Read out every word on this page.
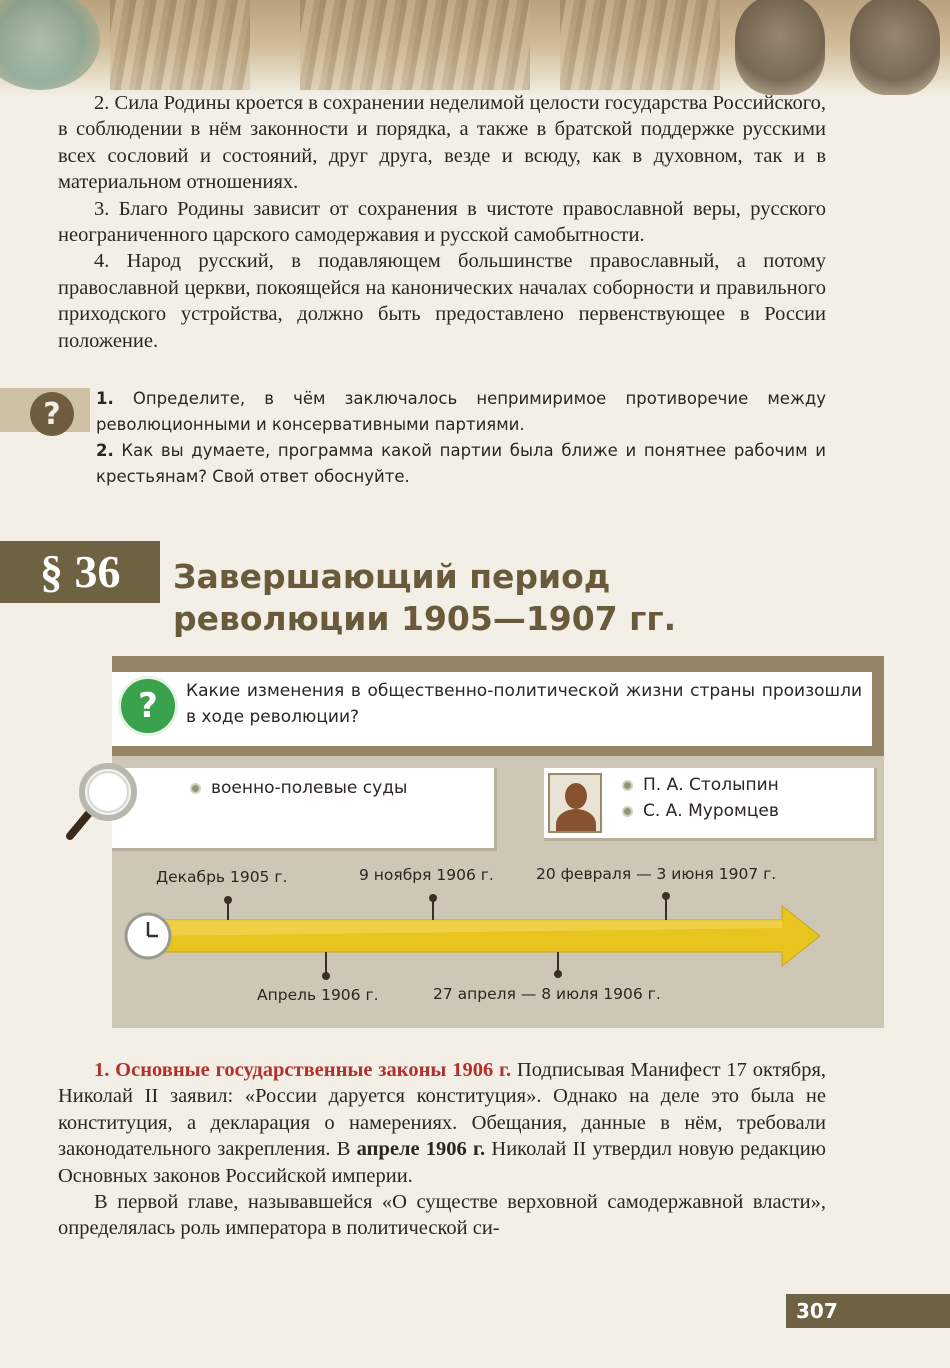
2. Сила Родины кроется в сохранении неделимой целости государства Российского, в соблюдении в нём законности и порядка, а также в братской поддержке русскими всех сословий и состояний, друг друга, везде и всюду, как в духовном, так и в материальном отношениях.

3. Благо Родины зависит от сохранения в чистоте православной веры, русского неограниченного царского самодержавия и русской самобытности.

4. Народ русский, в подавляющем большинстве православный, а потому православной церкви, покоящейся на канонических началах соборности и правильного приходского устройства, должно быть предоставлено первенствующее в России положение.

?	1. Определите, в чём заключалось непримиримое противоречие между революционными и консервативными партиями.

2. Как вы думаете, программа какой партии была ближе и понятнее рабочим и крестьянам? Свой ответ обоснуйте.

§ 36 Завершающий период
революции 1905—1907 гг.
?	Какие изменения в общественно-политической жизни страны произошли в ходе революции?
военно-полевые суды	П. А. Столыпин
С. А. Муромцев
Декабрь 1905 г.	9 ноября 1906 г.	20 февраля — 3 июня 1907 г.
Апрель 1906 г.	27 апреля — 8 июля 1906 г.

1. Основные государственные законы 1906 г. Подписывая Манифест 17 октября, Николай II заявил: «России даруется конституция». Однако на деле это была не конституция, а декларация о намерениях. Обещания, данные в нём, требовали законодательного закрепления. В апреле 1906 г. Николай II утвердил новую редакцию Основных законов Российской империи.

В первой главе, называвшейся «О существе верховной самодержавной власти», определялась роль императора в политической си-

307
